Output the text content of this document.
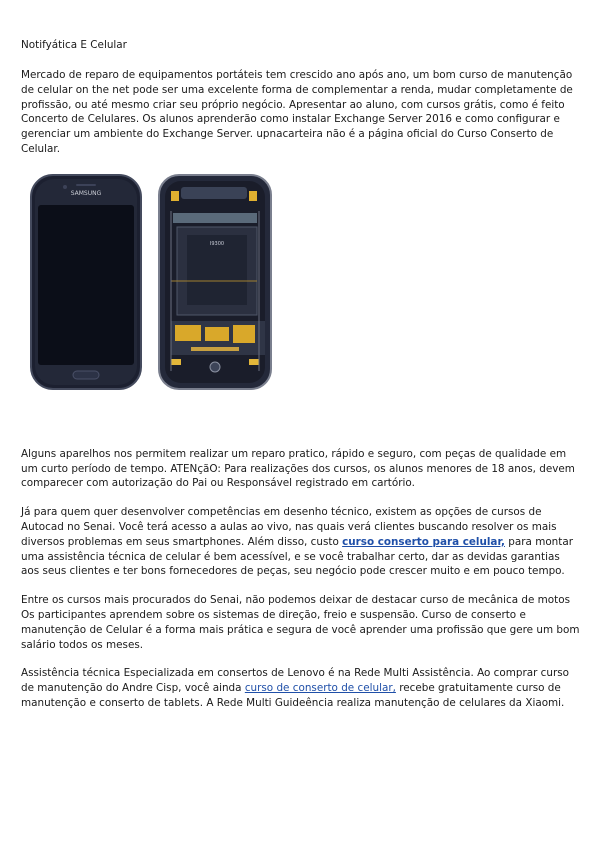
Notifyática E Celular

Mercado de reparo de equipamentos portáteis tem crescido ano após ano, um bom curso de manutenção de celular on the net pode ser uma excelente forma de complementar a renda, mudar completamente de profissão, ou até mesmo criar seu próprio negócio. Apresentar ao aluno, com cursos grátis, como é feito Concerto de Celulares. Os alunos aprenderão como instalar Exchange Server 2016 e como configurar e gerenciar um ambiente do Exchange Server. upnacarteira não é a página oficial do Curso Conserto de Celular.

SAMSUNG
I9300

Alguns aparelhos nos permitem realizar um reparo pratico, rápido e seguro, com peças de qualidade em um curto período de tempo. ATENçãO: Para realizações dos cursos, os alunos menores de 18 anos, devem comparecer com autorização do Pai ou Responsável registrado em cartório.

Já para quem quer desenvolver competências em desenho técnico, existem as opções de cursos de Autocad no Senai. Você terá acesso a aulas ao vivo, nas quais verá clientes buscando resolver os mais diversos problemas em seus smartphones. Além disso, custo curso conserto para celular, para montar uma assistência técnica de celular é bem acessível, e se você trabalhar certo, dar as devidas garantias aos seus clientes e ter bons fornecedores de peças, seu negócio pode crescer muito e em pouco tempo.

Entre os cursos mais procurados do Senai, não podemos deixar de destacar curso de mecânica de motos Os participantes aprendem sobre os sistemas de direção, freio e suspensão. Curso de conserto e manutenção de Celular é a forma mais prática e segura de você aprender uma profissão que gere um bom salário todos os meses.

Assistência técnica Especializada em consertos de Lenovo é na Rede Multi Assistência. Ao comprar curso de manutenção do Andre Cisp, você ainda curso de conserto de celular, recebe gratuitamente curso de manutenção e conserto de tablets. A Rede Multi Guideência realiza manutenção de celulares da Xiaomi.
